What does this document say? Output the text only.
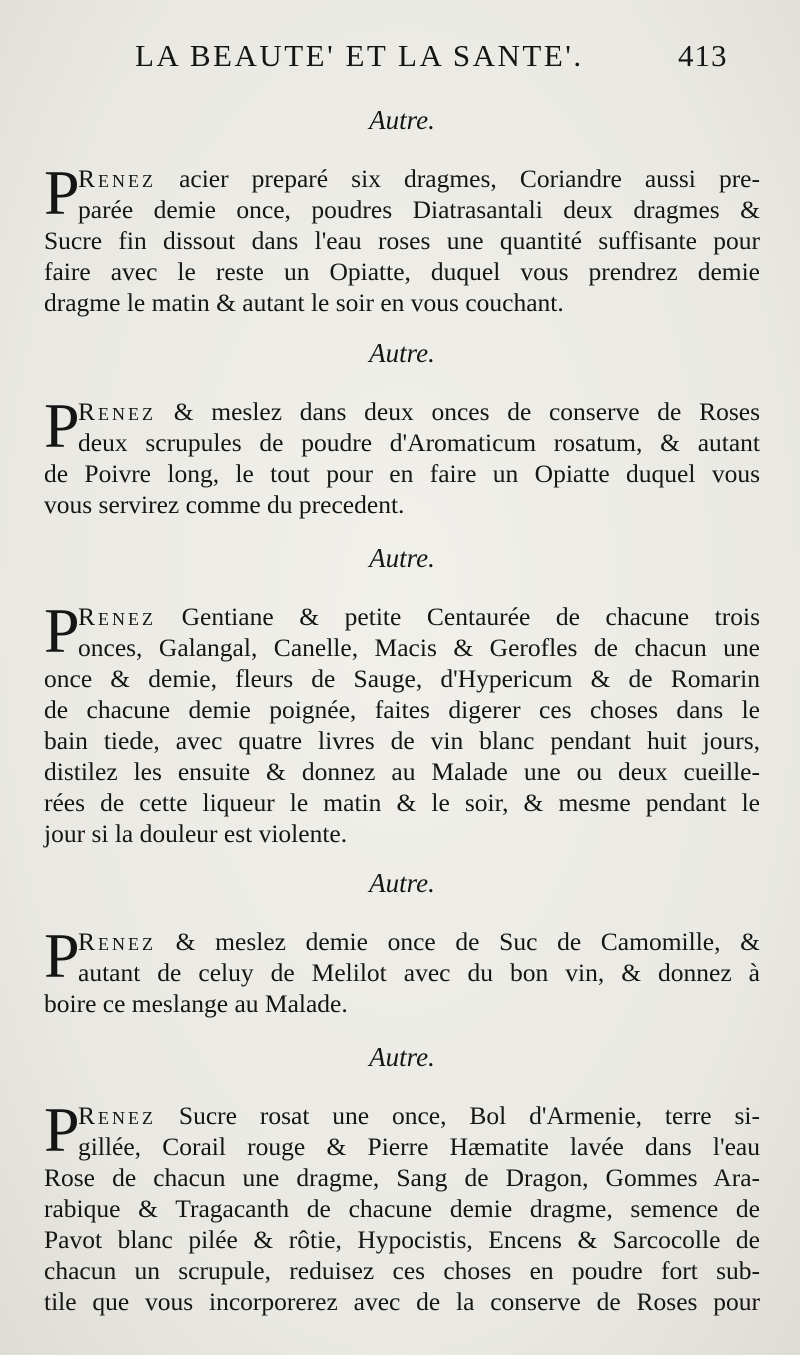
LA BEAUTE' ET LA SANTE'.	413
Autre.
P
Renez acier preparé six dragmes, Coriandre aussi pre-
parée demie once, poudres Diatrasantali deux dragmes &
Sucre fin dissout dans l'eau roses une quantité suffisante pour
faire avec le reste un Opiatte, duquel vous prendrez demie
dragme le matin & autant le soir en vous couchant.
Autre.
P
Renez & meslez dans deux onces de conserve de Roses
deux scrupules de poudre d'Aromaticum rosatum, & autant
de Poivre long, le tout pour en faire un Opiatte duquel vous
vous servirez comme du precedent.
Autre.
P
Renez Gentiane & petite Centaurée de chacune trois
onces, Galangal, Canelle, Macis & Gerofles de chacun une
once & demie, fleurs de Sauge, d'Hypericum & de Romarin
de chacune demie poignée, faites digerer ces choses dans le
bain tiede, avec quatre livres de vin blanc pendant huit jours,
distilez les ensuite & donnez au Malade une ou deux cueille-
rées de cette liqueur le matin & le soir, & mesme pendant le
jour si la douleur est violente.
Autre.
P
Renez & meslez demie once de Suc de Camomille, &
autant de celuy de Melilot avec du bon vin, & donnez à
boire ce meslange au Malade.
Autre.
P
Renez Sucre rosat une once, Bol d'Armenie, terre si-
gillée, Corail rouge & Pierre Hæmatite lavée dans l'eau
Rose de chacun une dragme, Sang de Dragon, Gommes Ara-
rabique & Tragacanth de chacune demie dragme, semence de
Pavot blanc pilée & rôtie, Hypocistis, Encens & Sarcocolle de
chacun un scrupule, reduisez ces choses en poudre fort sub-
tile que vous incorporerez avec de la conserve de Roses pour
